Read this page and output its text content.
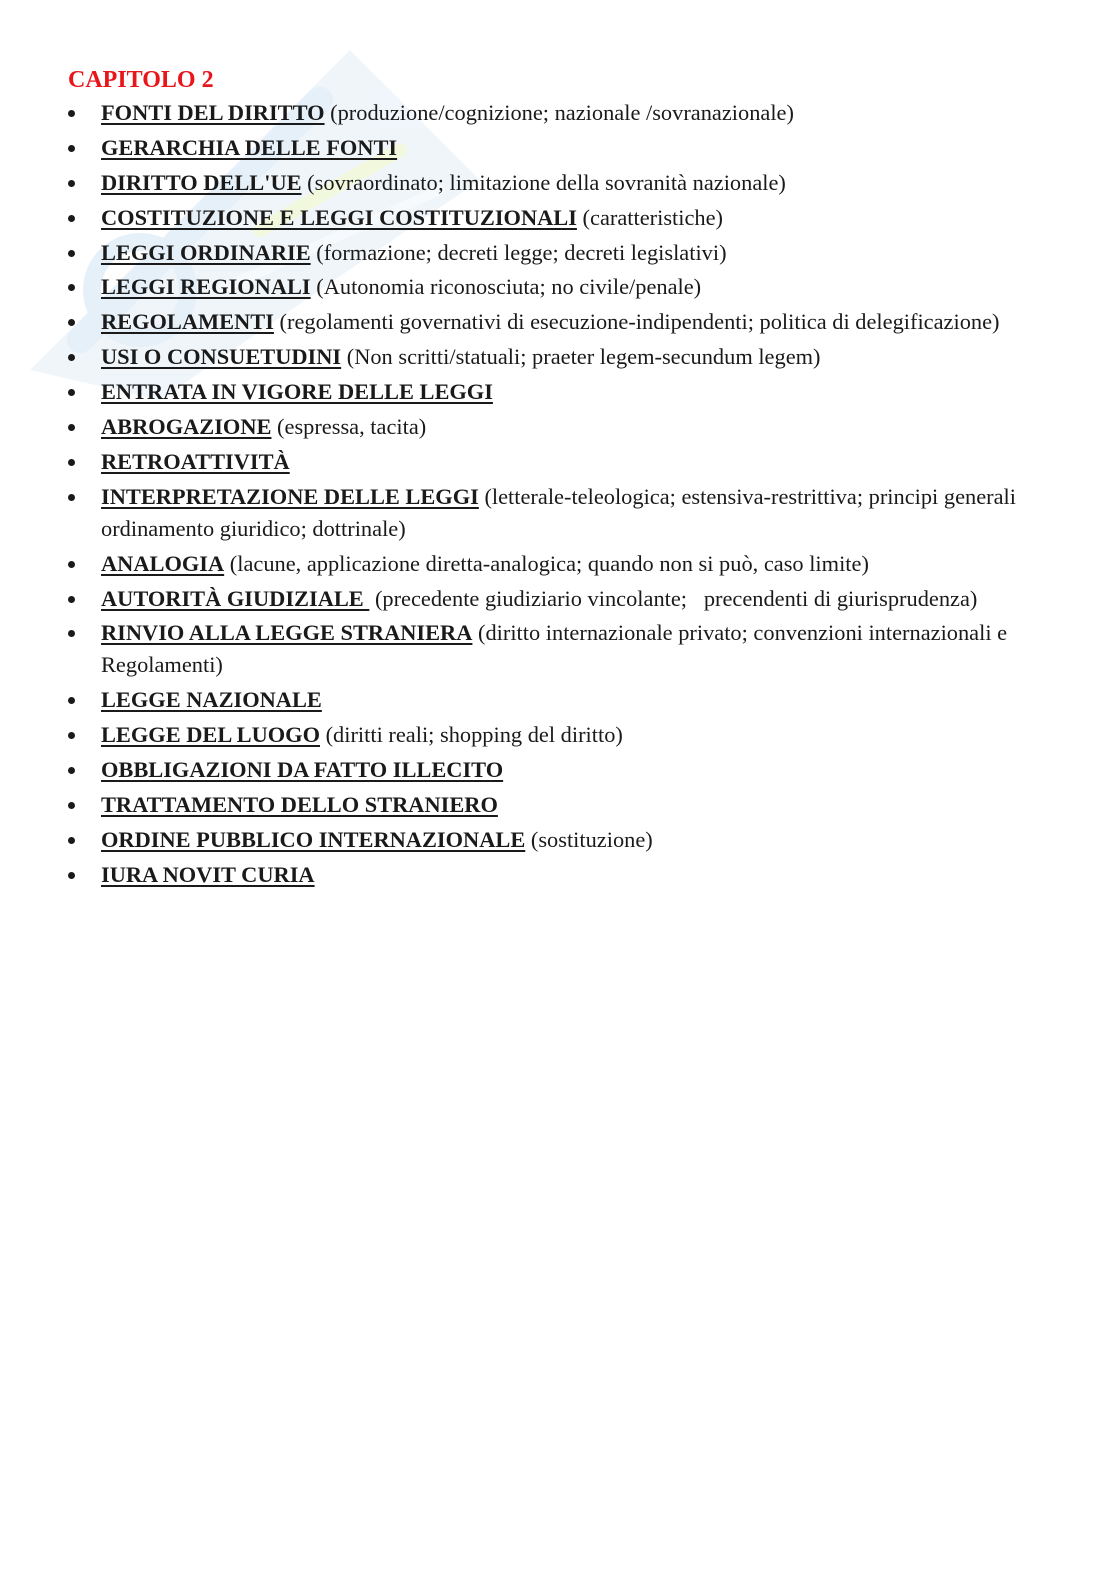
CAPITOLO 2
FONTI DEL DIRITTO (produzione/cognizione; nazionale /sovranazionale)
GERARCHIA DELLE FONTI
DIRITTO DELL'UE (sovraordinato; limitazione della sovranità nazionale)
COSTITUZIONE E LEGGI COSTITUZIONALI (caratteristiche)
LEGGI ORDINARIE (formazione; decreti legge; decreti legislativi)
LEGGI REGIONALI (Autonomia riconosciuta; no civile/penale)
REGOLAMENTI (regolamenti governativi di esecuzione-indipendenti; politica di delegificazione)
USI O CONSUETUDINI (Non scritti/statuali; praeter legem-secundum legem)
ENTRATA IN VIGORE DELLE LEGGI
ABROGAZIONE (espressa, tacita)
RETROATTIVITÀ
INTERPRETAZIONE DELLE LEGGI (letterale-teleologica; estensiva-restrittiva; principi generali ordinamento giuridico; dottrinale)
ANALOGIA (lacune, applicazione diretta-analogica; quando non si può, caso limite)
AUTORITÀ GIUDIZIALE  (precedente giudiziario vincolante;   precendenti di giurisprudenza)
RINVIO ALLA LEGGE STRANIERA (diritto internazionale privato; convenzioni internazionali e Regolamenti)
LEGGE NAZIONALE
LEGGE DEL LUOGO (diritti reali; shopping del diritto)
OBBLIGAZIONI DA FATTO ILLECITO
TRATTAMENTO DELLO STRANIERO
ORDINE PUBBLICO INTERNAZIONALE (sostituzione)
IURA NOVIT CURIA
